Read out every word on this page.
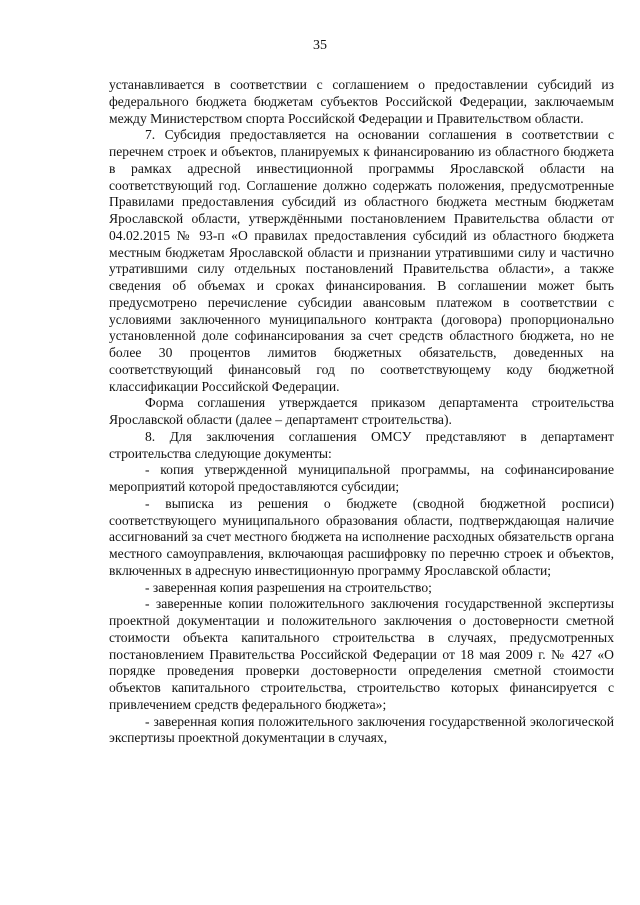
35

устанавливается в соответствии с соглашением о предоставлении субсидий из федерального бюджета бюджетам субъектов Российской Федерации, заключаемым между Министерством спорта Российской Федерации и Правительством области.

7. Субсидия предоставляется на основании соглашения в соответствии с перечнем строек и объектов, планируемых к финансированию из областного бюджета в рамках адресной инвестиционной программы Ярославской области на соответствующий год. Соглашение должно содержать положения, предусмотренные Правилами предоставления субсидий из областного бюджета местным бюджетам Ярославской области, утверждёнными постановлением Правительства области от 04.02.2015 № 93-п «О правилах предоставления субсидий из областного бюджета местным бюджетам Ярославской области и признании утратившими силу и частично утратившими силу отдельных постановлений Правительства области», а также сведения об объемах и сроках финансирования. В соглашении может быть предусмотрено перечисление субсидии авансовым платежом в соответствии с условиями заключенного муниципального контракта (договора) пропорционально установленной доле софинансирования за счет средств областного бюджета, но не более 30 процентов лимитов бюджетных обязательств, доведенных на соответствующий финансовый год по соответствующему коду бюджетной классификации Российской Федерации.

Форма соглашения утверждается приказом департамента строительства Ярославской области (далее – департамент строительства).

8. Для заключения соглашения ОМСУ представляют в департамент строительства следующие документы:

- копия утвержденной муниципальной программы, на софинансирование мероприятий которой предоставляются субсидии;

- выписка из решения о бюджете (сводной бюджетной росписи) соответствующего муниципального образования области, подтверждающая наличие ассигнований за счет местного бюджета на исполнение расходных обязательств органа местного самоуправления, включающая расшифровку по перечню строек и объектов, включенных в адресную инвестиционную программу Ярославской области;

- заверенная копия разрешения на строительство;

- заверенные копии положительного заключения государственной экспертизы проектной документации и положительного заключения о достоверности сметной стоимости объекта капитального строительства в случаях, предусмотренных постановлением Правительства Российской Федерации от 18 мая 2009 г. № 427 «О порядке проведения проверки достоверности определения сметной стоимости объектов капитального строительства, строительство которых финансируется с привлечением средств федерального бюджета»;

- заверенная копия положительного заключения государственной экологической экспертизы проектной документации в случаях,
